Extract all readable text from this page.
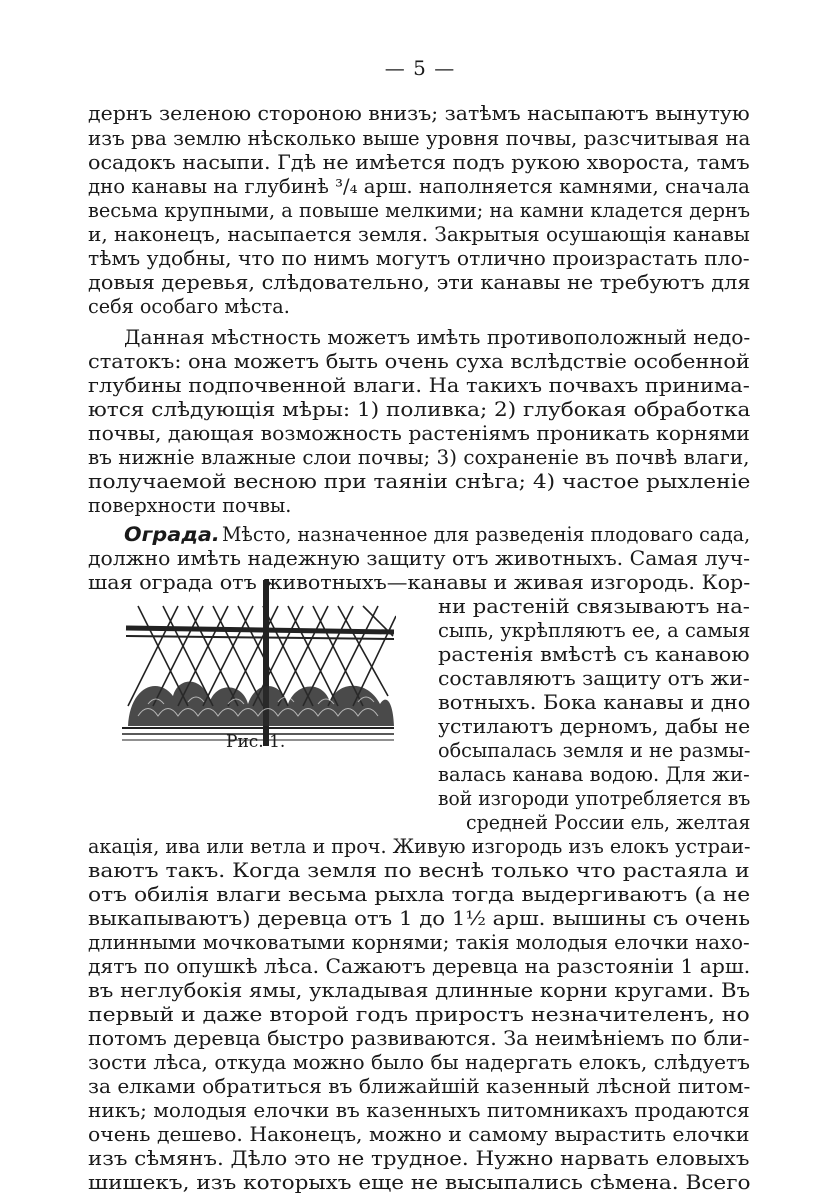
— 5 —
дернъ зеленою стороною внизъ; затѣмъ насыпаютъ вынутую
изъ рва землю нѣсколько выше уровня почвы, разсчитывая на
осадокъ насыпи. Гдѣ не имѣется подъ рукою хвороста, тамъ
дно канавы на глубинѣ ³/₄ арш. наполняется камнями, сначала
весьма крупными, а повыше мелкими; на камни кладется дернъ
и, наконецъ, насыпается земля. Закрытыя осушающія канавы
тѣмъ удобны, что по нимъ могутъ отлично произрастать пло-
довыя деревья, слѣдовательно, эти канавы не требуютъ для
себя особаго мѣста.
Данная мѣстность можетъ имѣть противоположный недо-
статокъ: она можетъ быть очень суха вслѣдствіе особенной
глубины подпочвенной влаги. На такихъ почвахъ принима-
ются слѣдующія мѣры: 1) поливка; 2) глубокая обработка
почвы, дающая возможность растеніямъ проникать корнями
въ нижніе влажные слои почвы; 3) сохраненіе въ почвѣ влаги,
получаемой весною при таяніи снѣга; 4) частое рыхленіе
поверхности почвы.
Ограда. Мѣсто, назначенное для разведенія плодоваго сада,
должно имѣть надежную защиту отъ животныхъ. Самая луч-
шая ограда отъ животныхъ—канавы и живая изгородь. Кор-
ни растеній связываютъ на-
сыпь, укрѣпляютъ ее, а самыя
растенія вмѣстѣ съ канавою
составляютъ защиту отъ жи-
вотныхъ. Бока канавы и дно
устилаютъ дерномъ, дабы не
обсыпалась земля и не размы-
валась канава водою. Для жи-
вой изгороди употребляется въ
средней России ель, желтая
акація, ива или ветла и проч. Живую изгородь изъ елокъ устраи-
ваютъ такъ. Когда земля по веснѣ только что растаяла и
отъ обилія влаги весьма рыхла тогда выдергиваютъ (а не
выкапываютъ) деревца отъ 1 до 1½ арш. вышины съ очень
длинными мочковатыми корнями; такія молодыя елочки нахо-
дятъ по опушкѣ лѣса. Сажаютъ деревца на разстояніи 1 арш.
въ неглубокія ямы, укладывая длинные корни кругами. Въ
первый и даже второй годъ приростъ незначителенъ, но
потомъ деревца быстро развиваются. За неимѣніемъ по бли-
зости лѣса, откуда можно было бы надергать елокъ, слѣдуетъ
за елками обратиться въ ближайшій казенный лѣсной питом-
никъ; молодыя елочки въ казенныхъ питомникахъ продаются
очень дешево. Наконецъ, можно и самому вырастить елочки
изъ сѣмянъ. Дѣло это не трудное. Нужно нарвать еловыхъ
шишекъ, изъ которыхъ еще не высыпались сѣмена. Всего
Рис. 1.
